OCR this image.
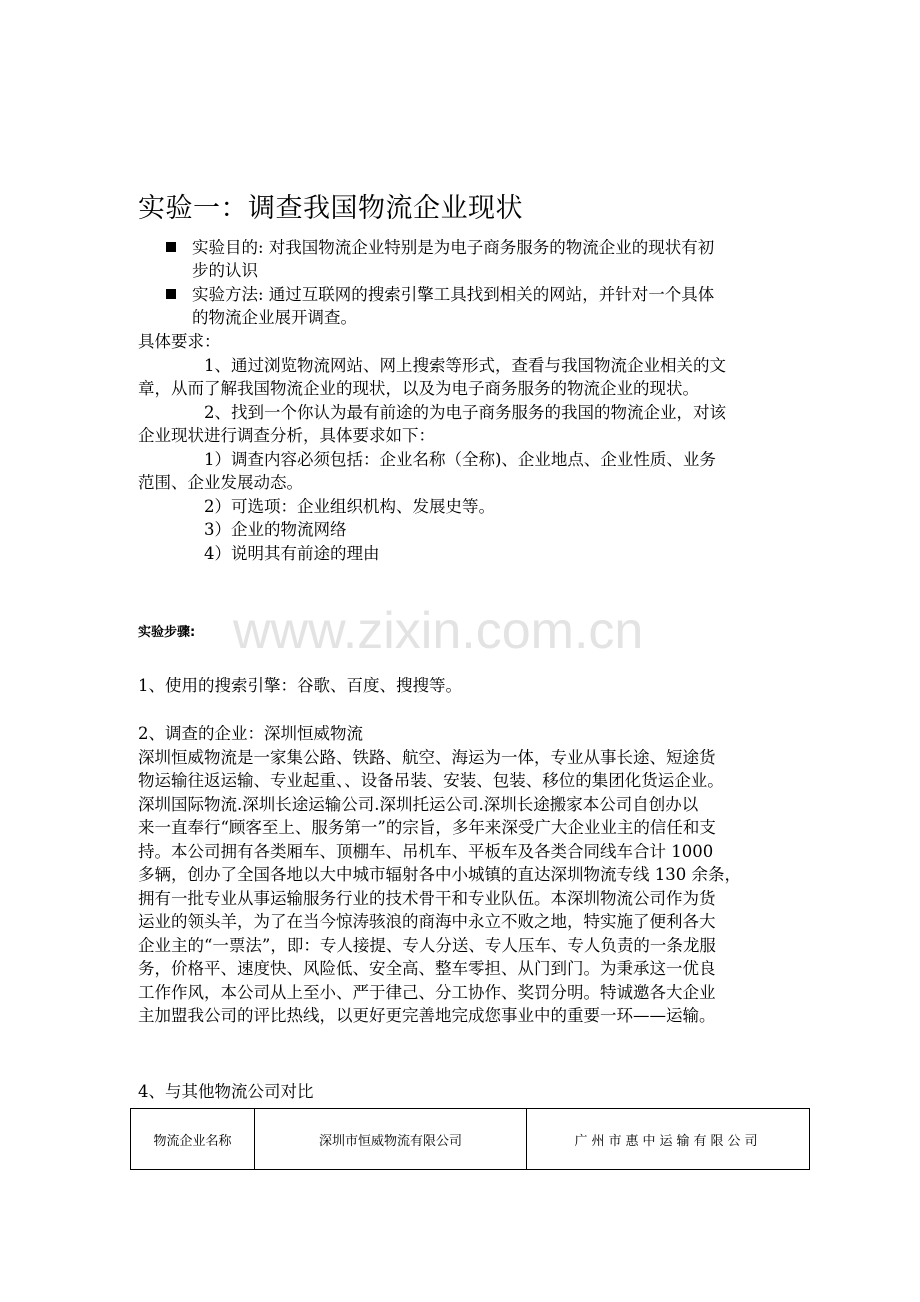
实验一：调查我国物流企业现状
实验目的: 对我国物流企业特别是为电子商务服务的物流企业的现状有初
步的认识
实验方法: 通过互联网的搜索引擎工具找到相关的网站，并针对一个具体
的物流企业展开调查。
具体要求：
1、通过浏览物流网站、网上搜索等形式，查看与我国物流企业相关的文
章，从而了解我国物流企业的现状，以及为电子商务服务的物流企业的现状。
2、找到一个你认为最有前途的为电子商务服务的我国的物流企业，对该
企业现状进行调查分析，具体要求如下：
1）调查内容必须包括：企业名称（全称)、企业地点、企业性质、业务
范围、企业发展动态。
2）可选项：企业组织机构、发展史等。
3）企业的物流网络
4）说明其有前途的理由
www.zixin.com.cn
实验步骤:
1、使用的搜索引擎：谷歌、百度、搜搜等。
2、调查的企业：深圳恒威物流
深圳恒威物流是一家集公路、铁路、航空、海运为一体，专业从事长途、短途货
物运输往返运输、专业起重、、设备吊装、安装、包装、移位的集团化货运企业。
深圳国际物流.深圳长途运输公司.深圳托运公司.深圳长途搬家本公司自创办以
来一直奉行“顾客至上、服务第一”的宗旨，多年来深受广大企业业主的信任和支
持。本公司拥有各类厢车、顶棚车、吊机车、平板车及各类合同线车合计 1000
多辆，创办了全国各地以大中城市辐射各中小城镇的直达深圳物流专线 130 余条，
拥有一批专业从事运输服务行业的技术骨干和专业队伍。本深圳物流公司作为货
运业的领头羊，为了在当今惊涛骇浪的商海中永立不败之地，特实施了便利各大
企业主的“一票法”，即：专人接提、专人分送、专人压车、专人负责的一条龙服
务，价格平、速度快、风险低、安全高、整车零担、从门到门。为秉承这一优良
工作作风，本公司从上至小、严于律己、分工协作、奖罚分明。特诚邀各大企业
主加盟我公司的评比热线，以更好更完善地完成您事业中的重要一环——运输。
4、与其他物流公司对比
物流企业名称	深圳市恒威物流有限公司	广州市惠中运输有限公司
